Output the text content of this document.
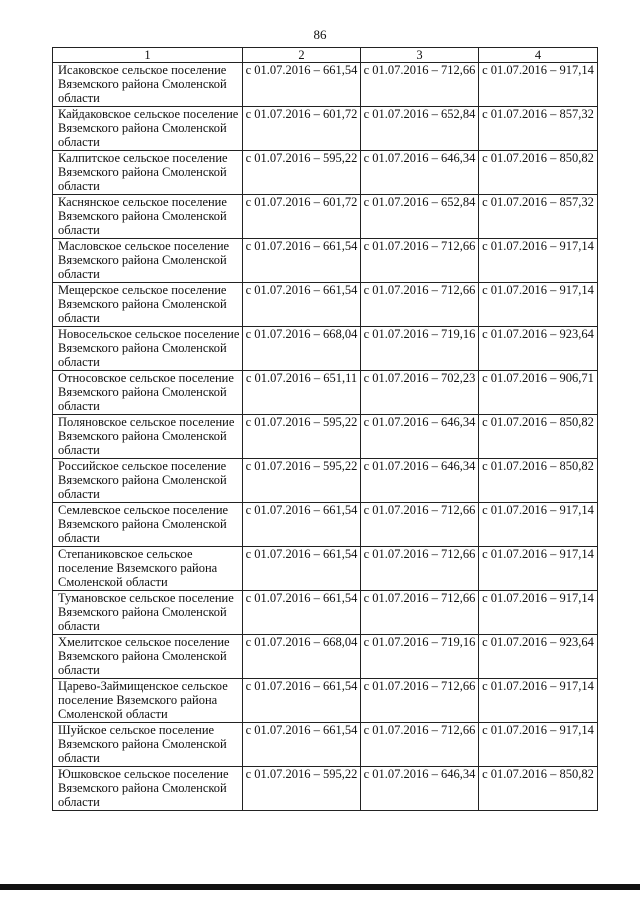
86
1	2	3	4
Исаковское сельское поселение Вяземского района Смоленской области	с 01.07.2016 – 661,54	с 01.07.2016 – 712,66	с 01.07.2016 – 917,14
Кайдаковское сельское поселение Вяземского района Смоленской области	с 01.07.2016 – 601,72	с 01.07.2016 – 652,84	с 01.07.2016 – 857,32
Калпитское сельское поселение Вяземского района Смоленской области	с 01.07.2016 – 595,22	с 01.07.2016 – 646,34	с 01.07.2016 – 850,82
Каснянское сельское поселение Вяземского района Смоленской области	с 01.07.2016 – 601,72	с 01.07.2016 – 652,84	с 01.07.2016 – 857,32
Масловское сельское поселение Вяземского района Смоленской области	с 01.07.2016 – 661,54	с 01.07.2016 – 712,66	с 01.07.2016 – 917,14
Мещерское сельское поселение Вяземского района Смоленской области	с 01.07.2016 – 661,54	с 01.07.2016 – 712,66	с 01.07.2016 – 917,14
Новосельское сельское поселение Вяземского района Смоленской области	с 01.07.2016 – 668,04	с 01.07.2016 – 719,16	с 01.07.2016 – 923,64
Относовское сельское поселение Вяземского района Смоленской области	с 01.07.2016 – 651,11	с 01.07.2016 – 702,23	с 01.07.2016 – 906,71
Поляновское сельское поселение Вяземского района Смоленской области	с 01.07.2016 – 595,22	с 01.07.2016 – 646,34	с 01.07.2016 – 850,82
Российское сельское поселение Вяземского района Смоленской области	с 01.07.2016 – 595,22	с 01.07.2016 – 646,34	с 01.07.2016 – 850,82
Семлевское сельское поселение Вяземского района Смоленской области	с 01.07.2016 – 661,54	с 01.07.2016 – 712,66	с 01.07.2016 – 917,14
Степаниковское сельское поселение Вяземского района Смоленской области	с 01.07.2016 – 661,54	с 01.07.2016 – 712,66	с 01.07.2016 – 917,14
Тумановское сельское поселение Вяземского района Смоленской области	с 01.07.2016 – 661,54	с 01.07.2016 – 712,66	с 01.07.2016 – 917,14
Хмелитское сельское поселение Вяземского района Смоленской области	с 01.07.2016 – 668,04	с 01.07.2016 – 719,16	с 01.07.2016 – 923,64
Царево-Займищенское сельское поселение Вяземского района Смоленской области	с 01.07.2016 – 661,54	с 01.07.2016 – 712,66	с 01.07.2016 – 917,14
Шуйское сельское поселение Вяземского района Смоленской области	с 01.07.2016 – 661,54	с 01.07.2016 – 712,66	с 01.07.2016 – 917,14
Юшковское сельское поселение Вяземского района Смоленской области	с 01.07.2016 – 595,22	с 01.07.2016 – 646,34	с 01.07.2016 – 850,82
